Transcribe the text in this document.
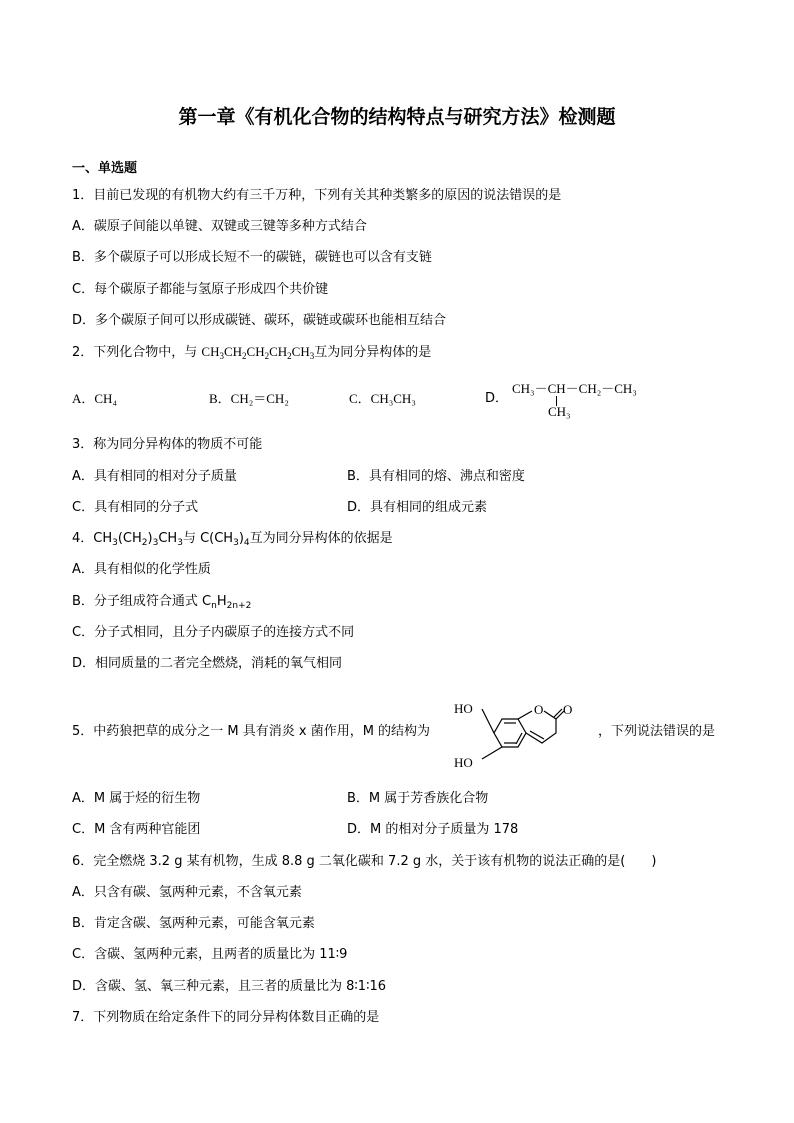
第一章《有机化合物的结构特点与研究方法》检测题
一、单选题
1．目前已发现的有机物大约有三千万种，下列有关其种类繁多的原因的说法错误的是
A．碳原子间能以单键、双键或三键等多种方式结合
B．多个碳原子可以形成长短不一的碳链，碳链也可以含有支链
C．每个碳原子都能与氢原子形成四个共价键
D．多个碳原子间可以形成碳链、碳环，碳链或碳环也能相互结合
2．下列化合物中，与 $CH_3CH_2CH_2CH_2CH_3$互为同分异构体的是
A．CH₄	B．CH₂＝CH₂	C．CH₃CH₃	D．
CH₃－CH－CH₂－CH₃
CH₃
3．称为同分异构体的物质不可能
A．具有相同的相对分子质量	B．具有相同的熔、沸点和密度
C．具有相同的分子式	D．具有相同的组成元素
4．$CH_3(CH_2)_3CH_3$与 $C(CH_3)_4$互为同分异构体的依据是
A．具有相似的化学性质
B．分子组成符合通式 $C_nH_{2n+2}$
C．分子式相同，且分子内碳原子的连接方式不同
D．相同质量的二者完全燃烧，消耗的氧气相同
5．中药狼把草的成分之一 M 具有消炎 x 菌作用，M 的结构为
HO
HO
O O
，下列说法错误的是
A．M 属于烃的衍生物	B．M 属于芳香族化合物
C．M 含有两种官能团	D．M 的相对分子质量为 178
6．完全燃烧 3.2 g 某有机物，生成 8.8 g 二氧化碳和 7.2 g 水，关于该有机物的说法正确的是(　　)
A．只含有碳、氢两种元素，不含氧元素
B．肯定含碳、氢两种元素，可能含氧元素
C．含碳、氢两种元素，且两者的质量比为 11∶9
D．含碳、氢、氧三种元素，且三者的质量比为 8∶1∶16
7．下列物质在给定条件下的同分异构体数目正确的是
